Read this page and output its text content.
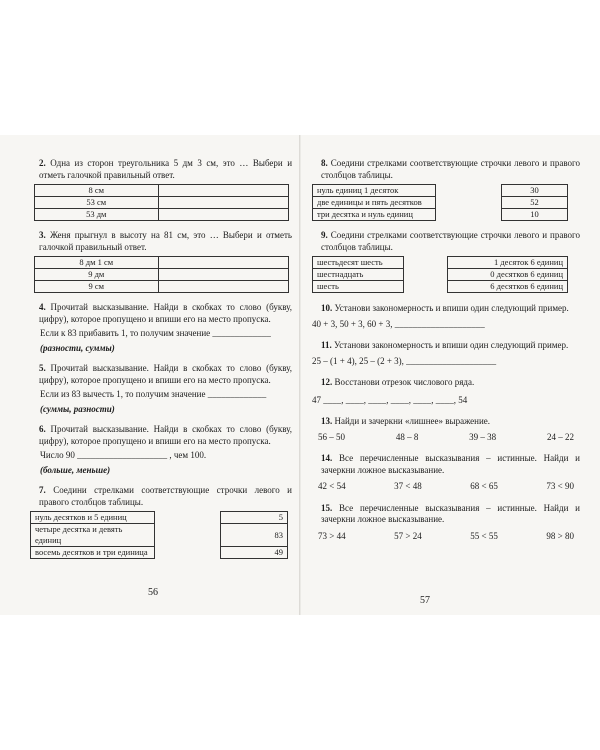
2. Одна из сторон треугольника 5 дм 3 см, это … Выбери и отметь галочкой правильный ответ.

8 см	
53 см	
53 дм	

3. Женя прыгнул в высоту на 81 см, это … Выбери и отметь галочкой правильный ответ.

8 дм 1 см	
9 дм	
9 см	

4. Прочитай высказывание. Найди в скобках то слово (букву, цифру), которое пропущено и впиши его на место пропуска.

Если к 83 прибавить 1, то получим значение _____________

(разности, суммы)

5. Прочитай высказывание. Найди в скобках то слово (букву, цифру), которое пропущено и впиши его на место пропуска.

Если из 83 вычесть 1, то получим значение _____________

(суммы, разности)

6. Прочитай высказывание. Найди в скобках то слово (букву, цифру), которое пропущено и впиши его на место пропуска.

Число 90 ____________________ , чем 100.

(больше, меньше)

7. Соедини стрелками соответствующие строчки левого и правого столбцов таблицы.

нуль десятков и 5 единиц		5
четыре десятка и девять единиц		83
восемь десятков и три единица		49
56

8. Соедини стрелками соответствующие строчки левого и правого столбцов таблицы.

нуль единиц 1 десяток		30
две единицы и пять десятков		52
три десятка и нуль единиц		10

9. Соедини стрелками соответствующие строчки левого и правого столбцов таблицы.

шестьдесят шесть		1 десяток 6 единиц
шестнадцать		0 десятков 6 единиц
шесть		6 десятков 6 единиц

10. Установи закономерность и впиши один следующий пример.

40 + 3, 50 + 3, 60 + 3, ____________________

11. Установи закономерность и впиши один следующий пример.

25 – (1 + 4), 25 – (2 + 3), ____________________

12. Восстанови отрезок числового ряда.

47 ____, ____, ____, ____, ____, ____, 54

13. Найди и зачеркни «лишнее» выражение.

56 – 50	48 – 8	39 – 38	24 – 22

14. Все перечисленные высказывания – истинные. Найди и зачеркни ложное высказывание.

42 < 54	37 < 48	68 < 65	73 < 90

15. Все перечисленные высказывания – истинные. Найди и зачеркни ложное высказывание.

73 > 44	57 > 24	55 < 55	98 > 80
57
